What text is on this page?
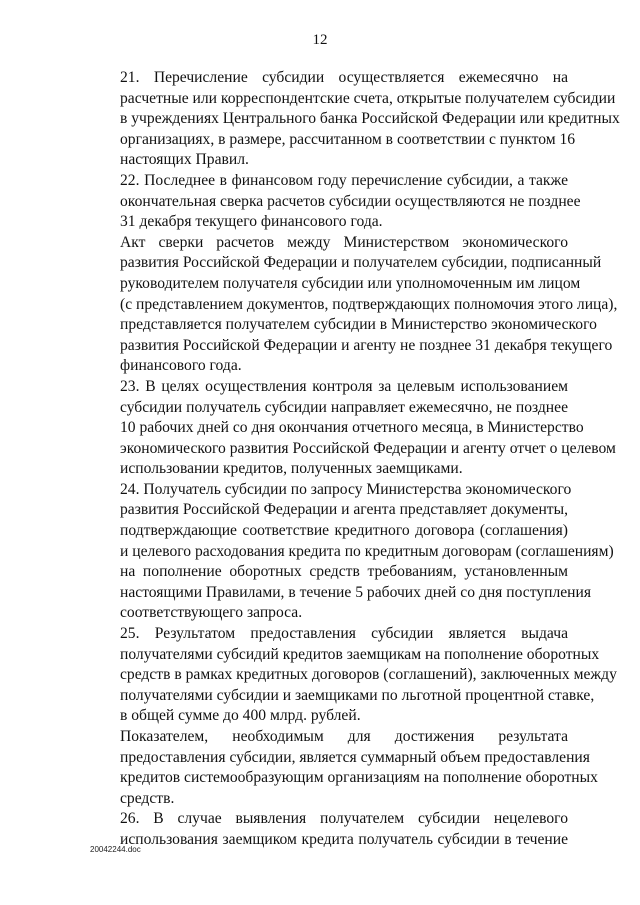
12

21. Перечисление субсидии осуществляется ежемесячно на
расчетные или корреспондентские счета, открытые получателем субсидии
в учреждениях Центрального банка Российской Федерации или кредитных
организациях, в размере, рассчитанном в соответствии с пунктом 16
настоящих Правил.

22. Последнее в финансовом году перечисление субсидии, а также
окончательная сверка расчетов субсидии осуществляются не позднее
31 декабря текущего финансового года.

Акт сверки расчетов между Министерством экономического
развития Российской Федерации и получателем субсидии, подписанный
руководителем получателя субсидии или уполномоченным им лицом
(с представлением документов, подтверждающих полномочия этого лица),
представляется получателем субсидии в Министерство экономического
развития Российской Федерации и агенту не позднее 31 декабря текущего
финансового года.

23. В целях осуществления контроля за целевым использованием
субсидии получатель субсидии направляет ежемесячно, не позднее
10 рабочих дней со дня окончания отчетного месяца, в Министерство
экономического развития Российской Федерации и агенту отчет о целевом
использовании кредитов, полученных заемщиками.

24. Получатель субсидии по запросу Министерства экономического
развития Российской Федерации и агента представляет документы,
подтверждающие соответствие кредитного договора (соглашения)
и целевого расходования кредита по кредитным договорам (соглашениям)
на пополнение оборотных средств требованиям, установленным
настоящими Правилами, в течение 5 рабочих дней со дня поступления
соответствующего запроса.

25. Результатом предоставления субсидии является выдача
получателями субсидий кредитов заемщикам на пополнение оборотных
средств в рамках кредитных договоров (соглашений), заключенных между
получателями субсидии и заемщиками по льготной процентной ставке,
в общей сумме до 400 млрд. рублей.

Показателем, необходимым для достижения результата
предоставления субсидии, является суммарный объем предоставления
кредитов системообразующим организациям на пополнение оборотных
средств.

26. В случае выявления получателем субсидии нецелевого
использования заемщиком кредита получатель субсидии в течение

20042244.doc
